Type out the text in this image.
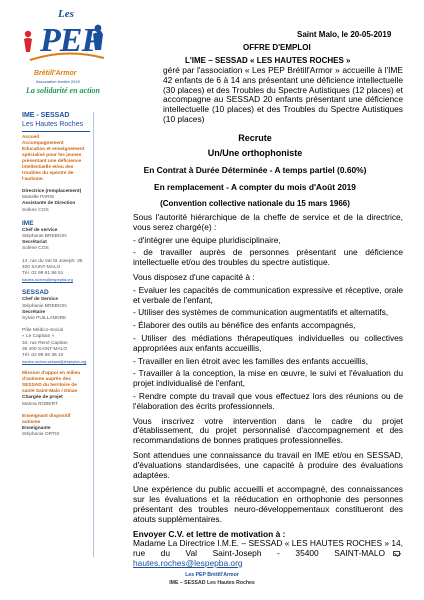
Les
PEP
Brétill'Armor
Association fondée 2019
La solidarité en action
IME - SESSAD
Les Hautes Roches
Accueil
Accompagnement
Education et enseignement
spécialisé pour les jeunes
présentant une déficience
intellectuelle et/ou des
troubles du spectre de
l'autisme.
Directrice (remplacement)
Marielle PARIS
Assistante de Direction
Solène COS
IME
Chef de service
Stéphanie BREBION
Secrétariat
Solène COS
14, rue du Val St Joseph- 35
400 SAINT-MALO
Tél. 02 99 81 96 51
hautes.roches@lespepba.org
SESSAD
Chef de Service
Stéphanie BREBION
Secrétaire
Sylvie PUILLANDRE
Pôle Médico-Social
« Le Capitain »
34, rue René Capitan
35 400 SAINT-MALO
Tél. 02 99 56 36 10
hautes.roches.sessad@lespepba.org
Mission d'appui en milieu
d'autisme auprès des
SESSAD du territoire de
santé Saint-Malo / Dinan
Chargée de projet
Marina ROBERT
Enseignant dispositif
autisme
Enseignante
Stéphanie ORTIS
Saint Malo, le 20-05-2019
OFFRE D'EMPLOI
L'IME – SESSAD « LES HAUTES ROCHES »
géré par l'association « Les PEP Brétill'Armor » accueille à l'IME 42 enfants de 6 à 14 ans présentant une déficience intellectuelle (30 places) et des Troubles du Spectre Autistiques (12 places) et accompagne au SESSAD 20 enfants présentant une déficience intellectuelle (10 places) et des Troubles du Spectre Autistiques (10 places)
Recrute
Un/Une orthophoniste
En Contrat à Durée Déterminée - A temps partiel (0.60%)
En remplacement - A compter du mois d'Août 2019
(Convention collective nationale du 15 mars 1966)

Sous l'autorité hiérarchique de la cheffe de service et de la directrice, vous serez chargé(e) :

- d'intégrer une équipe pluridisciplinaire,

- de travailler auprès de personnes présentant une déficience intellectuelle et/ou des troubles du spectre autistique.

Vous disposez d'une capacité à :

- Evaluer les capacités de communication expressive et réceptive, orale et verbale de l'enfant,

- Utiliser des systèmes de communication augmentatifs et alternatifs,

- Élaborer des outils au bénéfice des enfants accompagnés,

- Utiliser des médiations thérapeutiques individuelles ou collectives appropriées aux enfants accueillis,

- Travailler en lien étroit avec les familles des enfants accueillis,

- Travailler à la conception, la mise en œuvre, le suivi et l'évaluation du projet individualisé de l'enfant,

- Rendre compte du travail que vous effectuez lors des réunions ou de l'élaboration des écrits professionnels.

Vous inscrivez votre intervention dans le cadre du projet d'établissement, du projet personnalisé d'accompagnement et des recommandations de bonnes pratiques professionnelles.

Sont attendues une connaissance du travail en IME et/ou en SESSAD, d'évaluations standardisées, une capacité à produire des évaluations adaptées.

Une expérience du public accueilli et accompagné, des connaissances sur les évaluations et la rééducation en orthophonie des personnes présentant des troubles neuro-développementaux constitueront des atouts supplémentaires.

Envoyer C.V. et lettre de motivation à :
Madame La Directrice I.M.E. – SESSAD « LES HAUTES ROCHES » 14, rue du Val Saint-Joseph - 35400 SAINT-MALOhautes.roches@lespepba.org
Les PEP Brétill'Armor
IME – SESSAD Les Hautes Roches
